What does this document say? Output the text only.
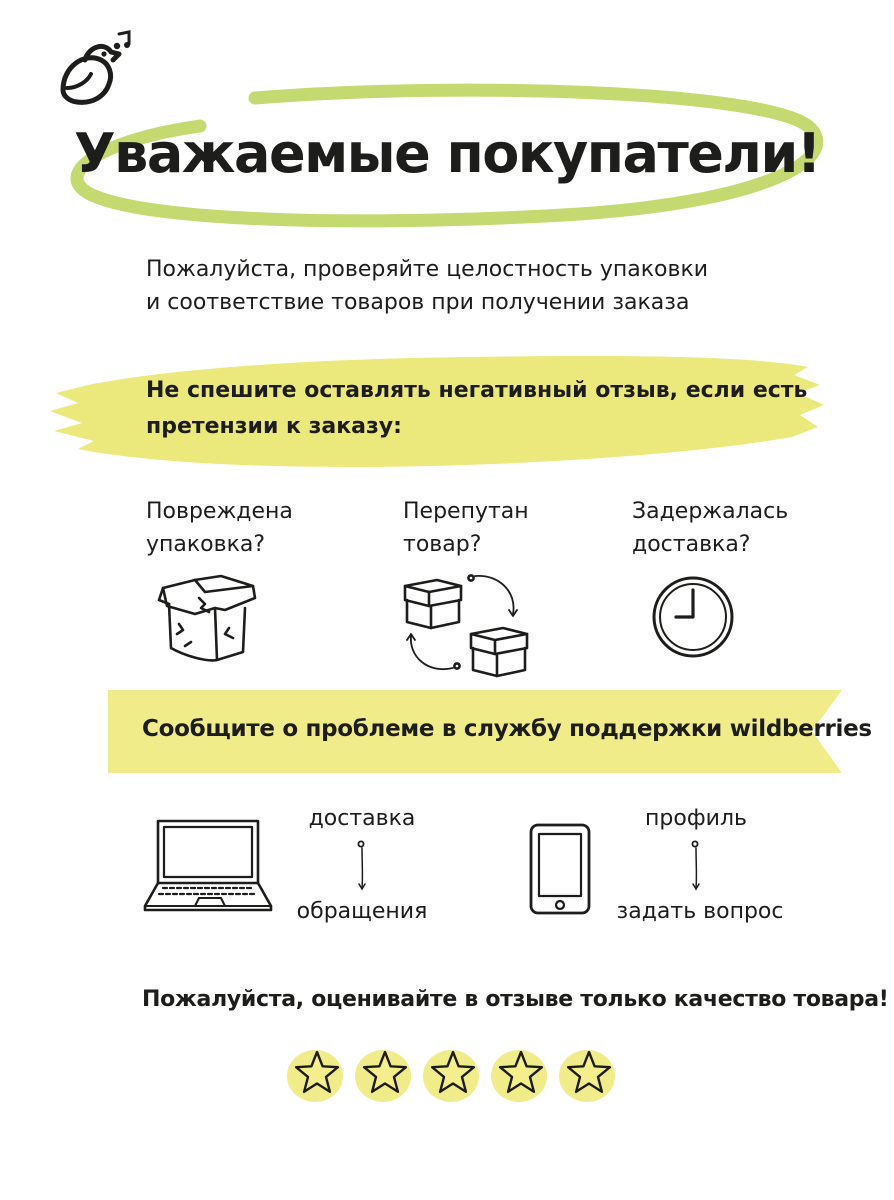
Уважаемые покупатели!
Пожалуйста, проверяйте целостность упаковки
и соответствие товаров при получении заказа
Не спешите оставлять негативный отзыв, если есть
претензии к заказу:
Повреждена
упаковка?
Перепутан
товар?
Задержалась
доставка?
Сообщите о проблеме в службу поддержки wildberries
доставка
обращения
профиль
задать вопрос
Пожалуйста, оценивайте в отзыве только качество товара!
